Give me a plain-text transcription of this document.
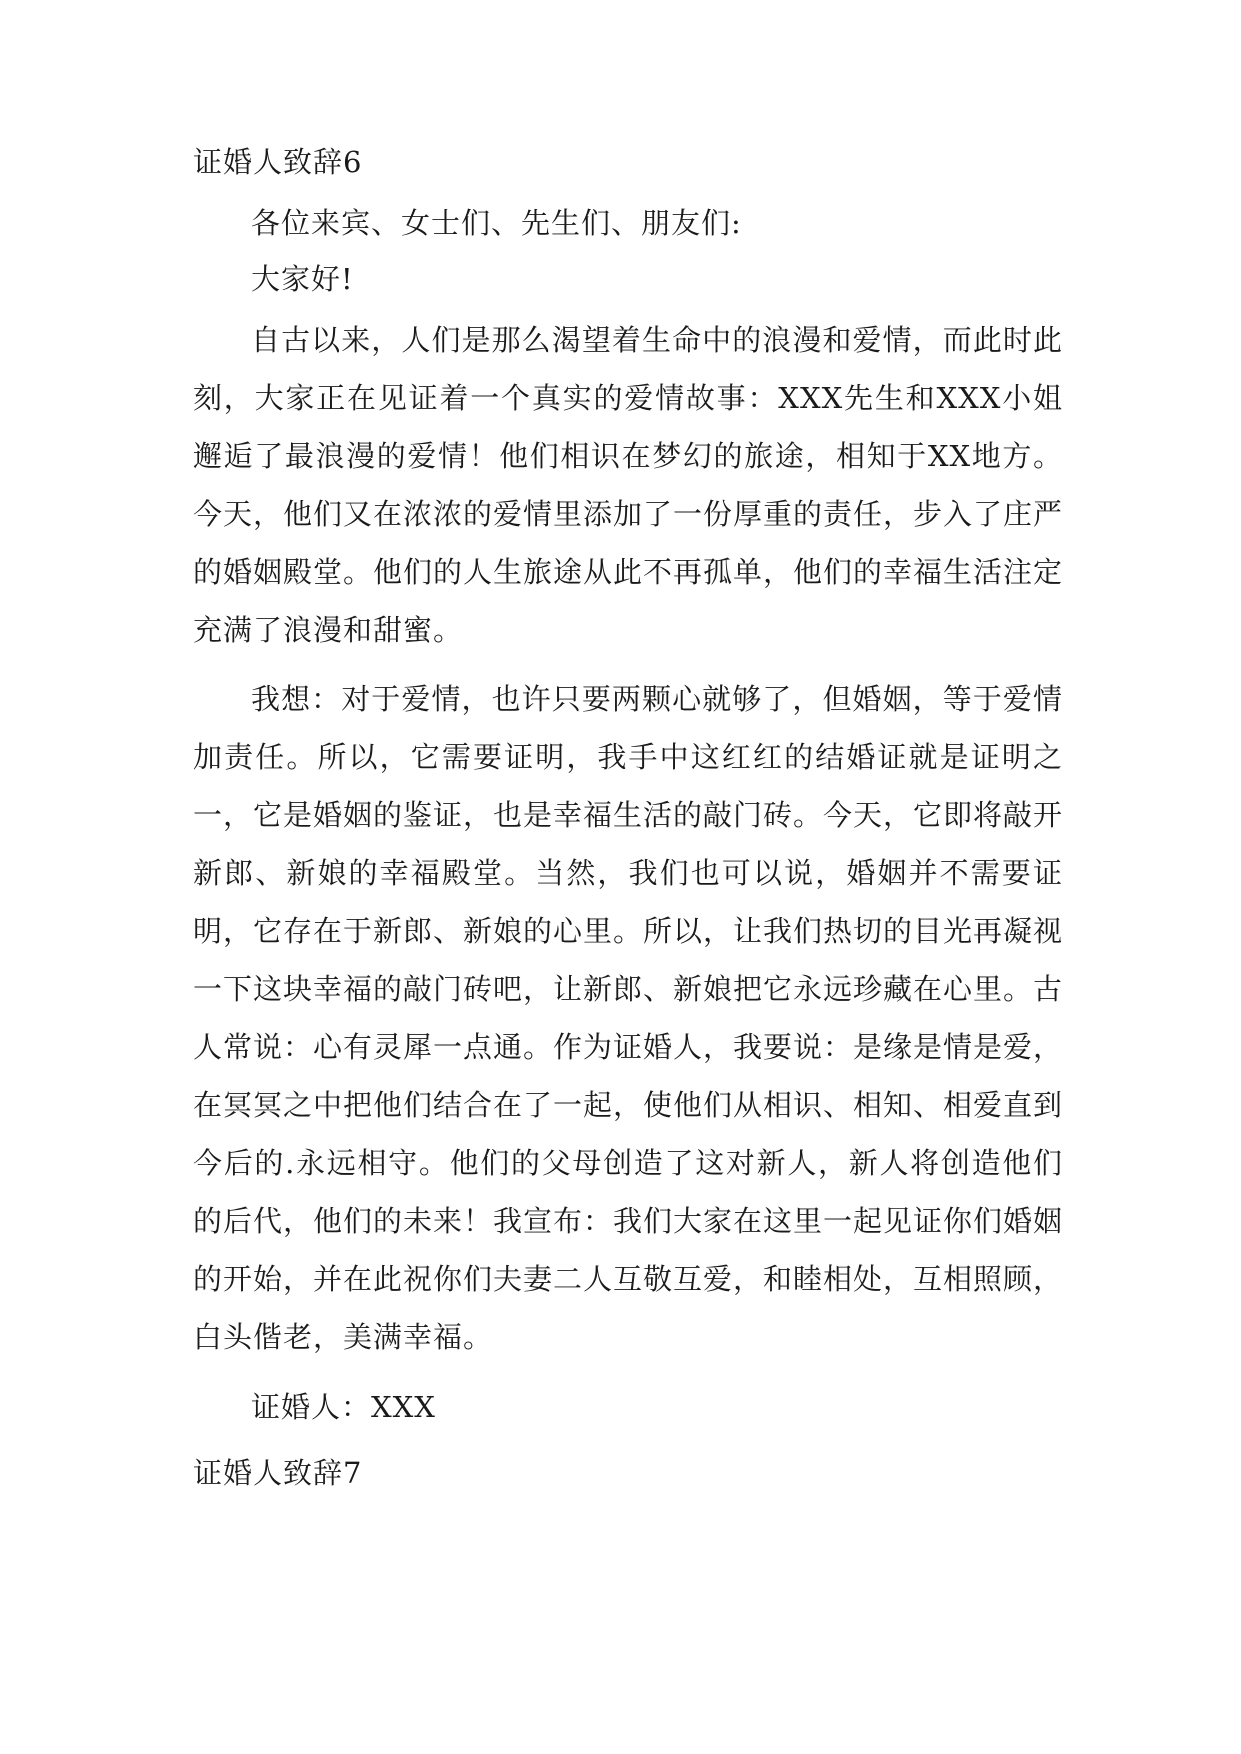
证婚人致辞6

各位来宾、女士们、先生们、朋友们:

大家好!

自古以来，人们是那么渴望着生命中的浪漫和爱情，而此时此刻，大家正在见证着一个真实的爱情故事：XXX先生和XXX小姐邂逅了最浪漫的爱情！他们相识在梦幻的旅途，相知于XX地方。今天，他们又在浓浓的爱情里添加了一份厚重的责任，步入了庄严的婚姻殿堂。他们的人生旅途从此不再孤单，他们的幸福生活注定充满了浪漫和甜蜜。

我想：对于爱情，也许只要两颗心就够了，但婚姻，等于爱情加责任。所以，它需要证明，我手中这红红的结婚证就是证明之一，它是婚姻的鉴证，也是幸福生活的敲门砖。今天，它即将敲开新郎、新娘的幸福殿堂。当然，我们也可以说，婚姻并不需要证明，它存在于新郎、新娘的心里。所以，让我们热切的目光再凝视一下这块幸福的敲门砖吧，让新郎、新娘把它永远珍藏在心里。古人常说：心有灵犀一点通。作为证婚人，我要说：是缘是情是爱，在冥冥之中把他们结合在了一起，使他们从相识、相知、相爱直到今后的.永远相守。他们的父母创造了这对新人，新人将创造他们的后代，他们的未来！我宣布：我们大家在这里一起见证你们婚姻的开始，并在此祝你们夫妻二人互敬互爱，和睦相处，互相照顾，白头偕老，美满幸福。

证婚人：XXX

证婚人致辞7
